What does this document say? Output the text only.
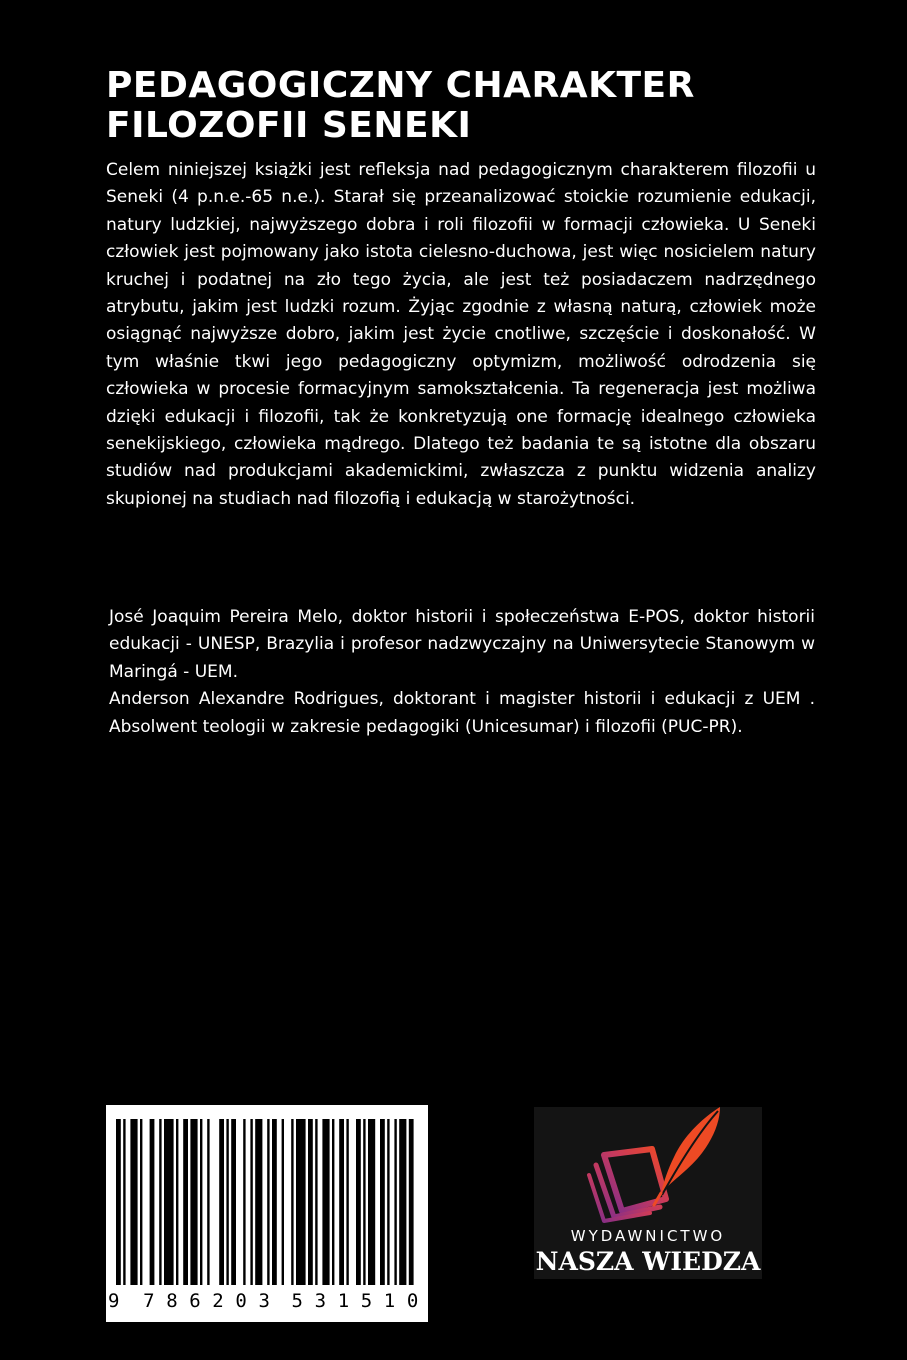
PEDAGOGICZNY CHARAKTER
FILOZOFII SENEKI

Celem niniejszej książki jest refleksja nad pedagogicznym charakterem filozofii u Seneki (4 p.n.e.-65 n.e.). Starał się przeanalizować stoickie rozumienie edukacji, natury ludzkiej, najwyższego dobra i roli filozofii w formacji człowieka. U Seneki człowiek jest pojmowany jako istota cielesno-duchowa, jest więc nosicielem natury kruchej i podatnej na zło tego życia, ale jest też posiadaczem nadrzędnego atrybutu, jakim jest ludzki rozum. Żyjąc zgodnie z własną naturą, człowiek może osiągnąć najwyższe dobro, jakim jest życie cnotliwe, szczęście i doskonałość. W tym właśnie tkwi jego pedagogiczny optymizm, możliwość odrodzenia się człowieka w procesie formacyjnym samokształcenia. Ta regeneracja jest możliwa dzięki edukacji i filozofii, tak że konkretyzują one formację idealnego człowieka senekijskiego, człowieka mądrego. Dlatego też badania te są istotne dla obszaru studiów nad produkcjami akademickimi, zwłaszcza z punktu widzenia analizy skupionej na studiach nad filozofią i edukacją w starożytności.

José Joaquim Pereira Melo, doktor historii i społeczeństwa E-POS, doktor historii edukacji - UNESP, Brazylia i profesor nadzwyczajny na Uniwersytecie Stanowym w Maringá - UEM.

Anderson Alexandre Rodrigues, doktorant i magister historii i edukacji z UEM . Absolwent teologii w zakresie pedagogiki (Unicesumar) i filozofii (PUC-PR).

9 7 8 6 2 0 3 5 3 1 5 1 0
WYDAWNICTWO
NASZA WIEDZA
